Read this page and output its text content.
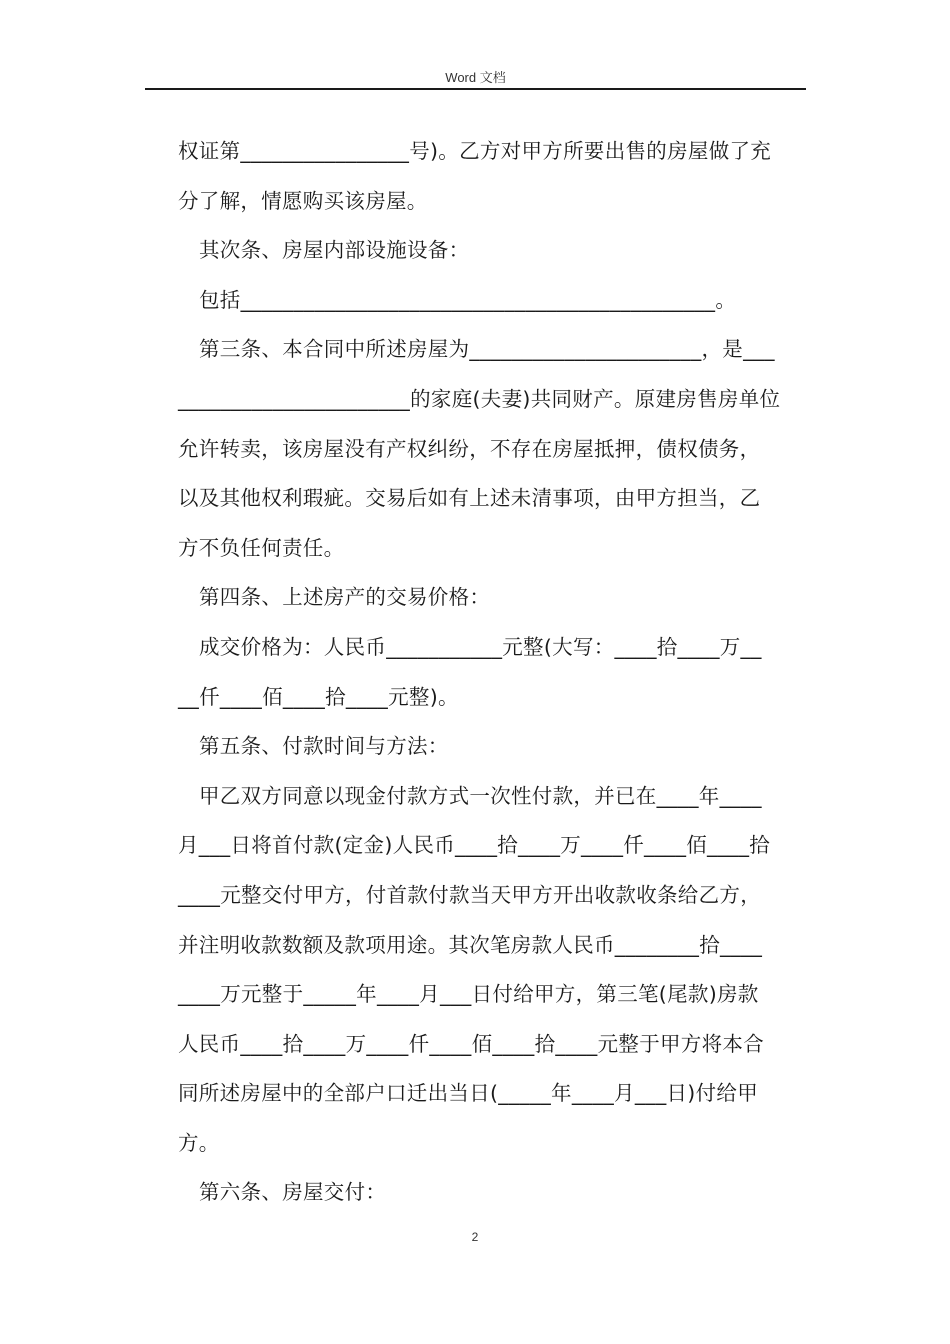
Word 文档
权证第________________号)。乙方对甲方所要出售的房屋做了充
分了解，情愿购买该房屋。
其次条、房屋内部设施设备：
包括_____________________________________________。
第三条、本合同中所述房屋为______________________，是___
______________________的家庭(夫妻)共同财产。原建房售房单位
允许转卖，该房屋没有产权纠纷，不存在房屋抵押，债权债务，
以及其他权利瑕疵。交易后如有上述未清事项，由甲方担当，乙
方不负任何责任。
第四条、上述房产的交易价格：
成交价格为：人民币___________元整(大写：____拾____万__
__仟____佰____拾____元整)。
第五条、付款时间与方法：
甲乙双方同意以现金付款方式一次性付款，并已在____年____
月___日将首付款(定金)人民币____拾____万____仟____佰____拾
____元整交付甲方，付首款付款当天甲方开出收款收条给乙方，
并注明收款数额及款项用途。其次笔房款人民币________拾____
____万元整于_____年____月___日付给甲方，第三笔(尾款)房款
人民币____拾____万____仟____佰____拾____元整于甲方将本合
同所述房屋中的全部户口迁出当日(_____年____月___日)付给甲
方。
第六条、房屋交付：
2
